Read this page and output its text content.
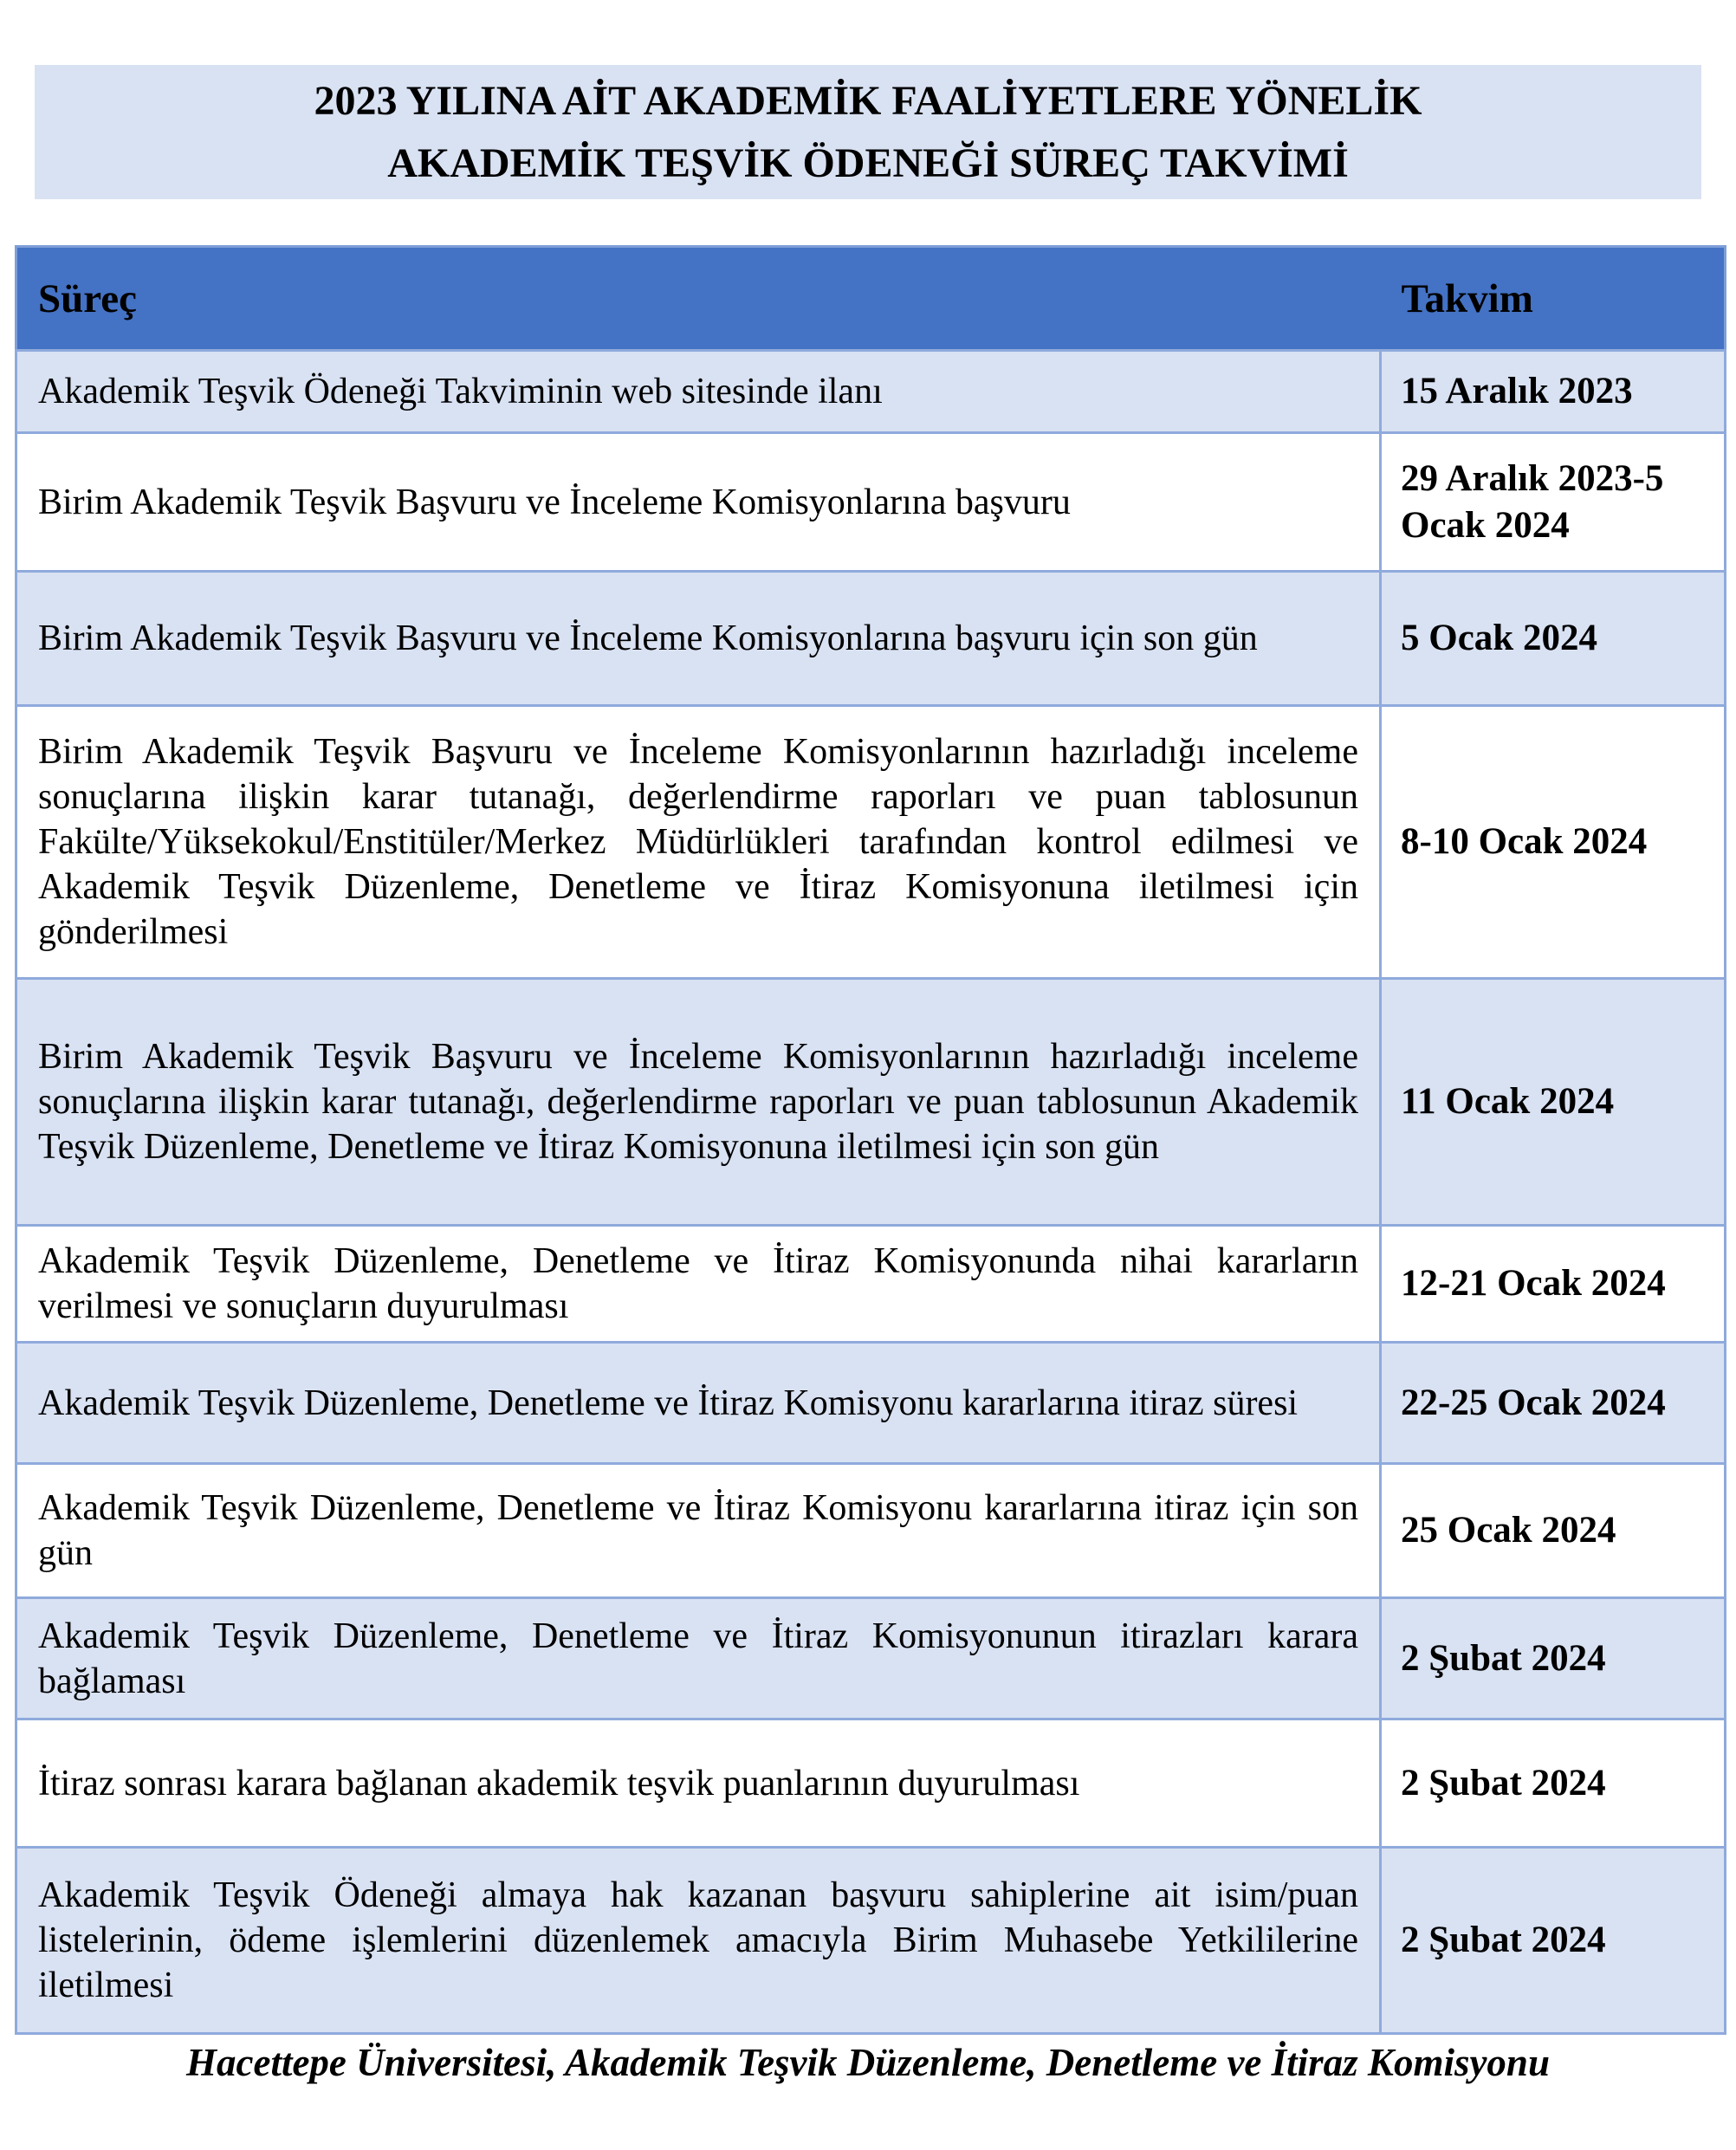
2023 YILINA AİT AKADEMİK FAALİYETLERE YÖNELİK
AKADEMİK TEŞVİK ÖDENEĞİ SÜREÇ TAKVİMİ
Süreç	Takvim
Akademik Teşvik Ödeneği Takviminin web sitesinde ilanı	15 Aralık 2023
Birim Akademik Teşvik Başvuru ve İnceleme Komisyonlarına başvuru	29 Aralık 2023-5 Ocak 2024
Birim Akademik Teşvik Başvuru ve İnceleme Komisyonlarına başvuru için son gün	5 Ocak 2024
Birim Akademik Teşvik Başvuru ve İnceleme Komisyonlarının hazırladığı inceleme sonuçlarına ilişkin karar tutanağı, değerlendirme raporları ve puan tablosunun Fakülte/Yüksekokul/Enstitüler/Merkez Müdürlükleri tarafından kontrol edilmesi ve Akademik Teşvik Düzenleme, Denetleme ve İtiraz Komisyonuna iletilmesi için gönderilmesi	8-10 Ocak 2024
Birim Akademik Teşvik Başvuru ve İnceleme Komisyonlarının hazırladığı inceleme sonuçlarına ilişkin karar tutanağı, değerlendirme raporları ve puan tablosunun Akademik Teşvik Düzenleme, Denetleme ve İtiraz Komisyonuna iletilmesi için son gün	11 Ocak 2024
Akademik Teşvik Düzenleme, Denetleme ve İtiraz Komisyonunda nihai kararların verilmesi ve sonuçların duyurulması	12-21 Ocak 2024
Akademik Teşvik Düzenleme, Denetleme ve İtiraz Komisyonu kararlarına itiraz süresi	22-25 Ocak 2024
Akademik Teşvik Düzenleme, Denetleme ve İtiraz Komisyonu kararlarına itiraz için son gün	25 Ocak 2024
Akademik Teşvik Düzenleme, Denetleme ve İtiraz Komisyonunun itirazları karara bağlaması	2 Şubat 2024
İtiraz sonrası karara bağlanan akademik teşvik puanlarının duyurulması	2 Şubat 2024
Akademik Teşvik Ödeneği almaya hak kazanan başvuru sahiplerine ait isim/puan listelerinin, ödeme işlemlerini düzenlemek amacıyla Birim Muhasebe Yetkililerine iletilmesi	2 Şubat 2024
Hacettepe Üniversitesi, Akademik Teşvik Düzenleme, Denetleme ve İtiraz Komisyonu
